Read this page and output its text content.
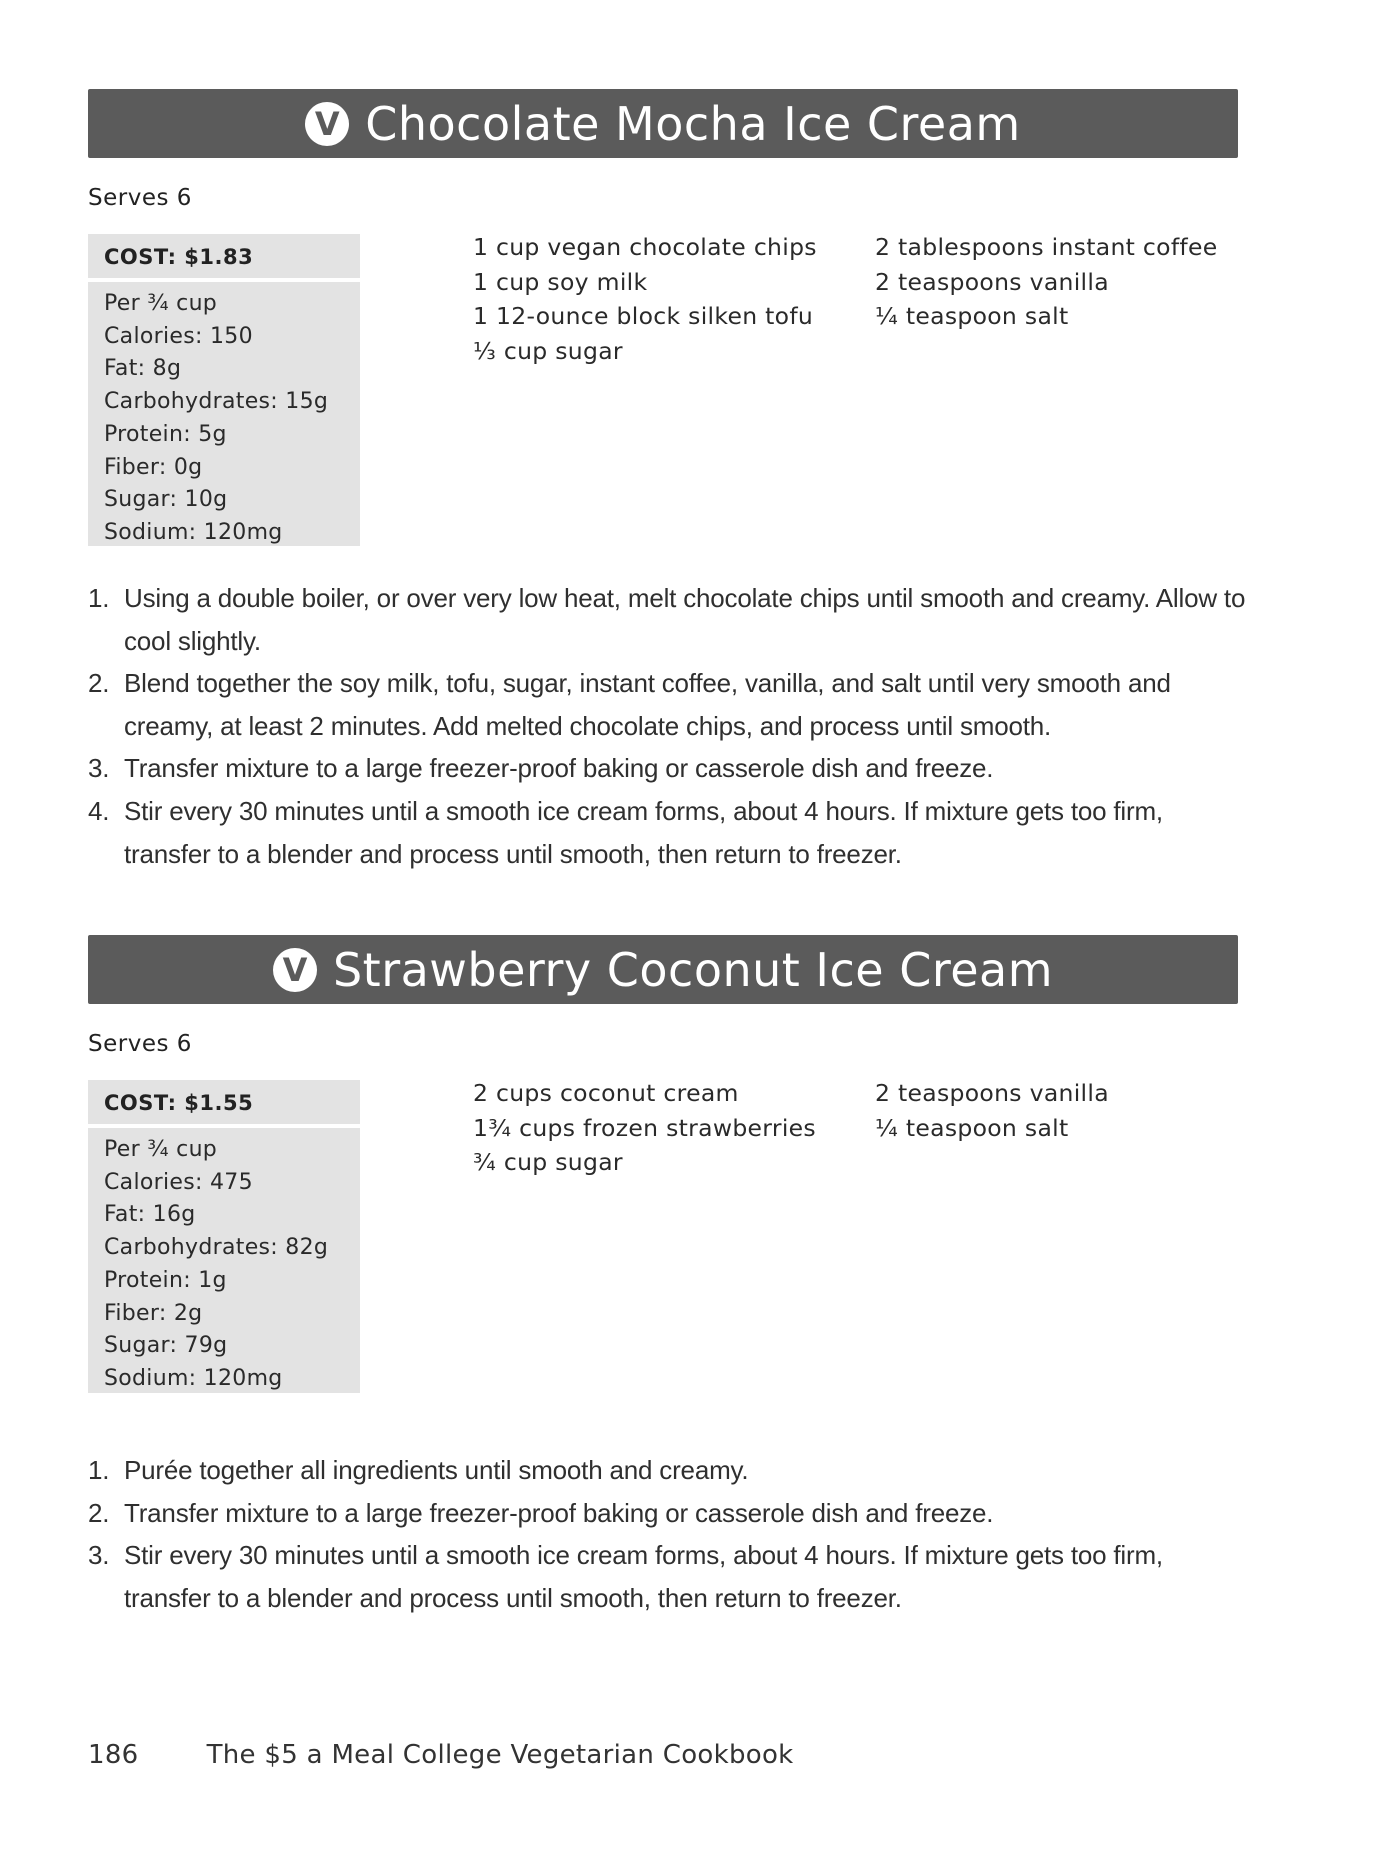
V Chocolate Mocha Ice Cream
Serves 6
COST: $1.83
Per ¾ cup
Calories: 150
Fat: 8g
Carbohydrates: 15g
Protein: 5g
Fiber: 0g
Sugar: 10g
Sodium: 120mg
1 cup vegan chocolate chips
1 cup soy milk
1 12-ounce block silken tofu
⅓ cup sugar
2 tablespoons instant coffee
2 teaspoons vanilla
¼ teaspoon salt
1. Using a double boiler, or over very low heat, melt chocolate chips until smooth and creamy. Allow to cool slightly.
2. Blend together the soy milk, tofu, sugar, instant coffee, vanilla, and salt until very smooth and creamy, at least 2 minutes. Add melted chocolate chips, and process until smooth.
3. Transfer mixture to a large freezer-proof baking or casserole dish and freeze.
4. Stir every 30 minutes until a smooth ice cream forms, about 4 hours. If mixture gets too firm, transfer to a blender and process until smooth, then return to freezer.
V Strawberry Coconut Ice Cream
Serves 6
COST: $1.55
Per ¾ cup
Calories: 475
Fat: 16g
Carbohydrates: 82g
Protein: 1g
Fiber: 2g
Sugar: 79g
Sodium: 120mg
2 cups coconut cream
1¾ cups frozen strawberries
¾ cup sugar
2 teaspoons vanilla
¼ teaspoon salt
1. Purée together all ingredients until smooth and creamy.
2. Transfer mixture to a large freezer-proof baking or casserole dish and freeze.
3. Stir every 30 minutes until a smooth ice cream forms, about 4 hours. If mixture gets too firm, transfer to a blender and process until smooth, then return to freezer.
186	The $5 a Meal College Vegetarian Cookbook
